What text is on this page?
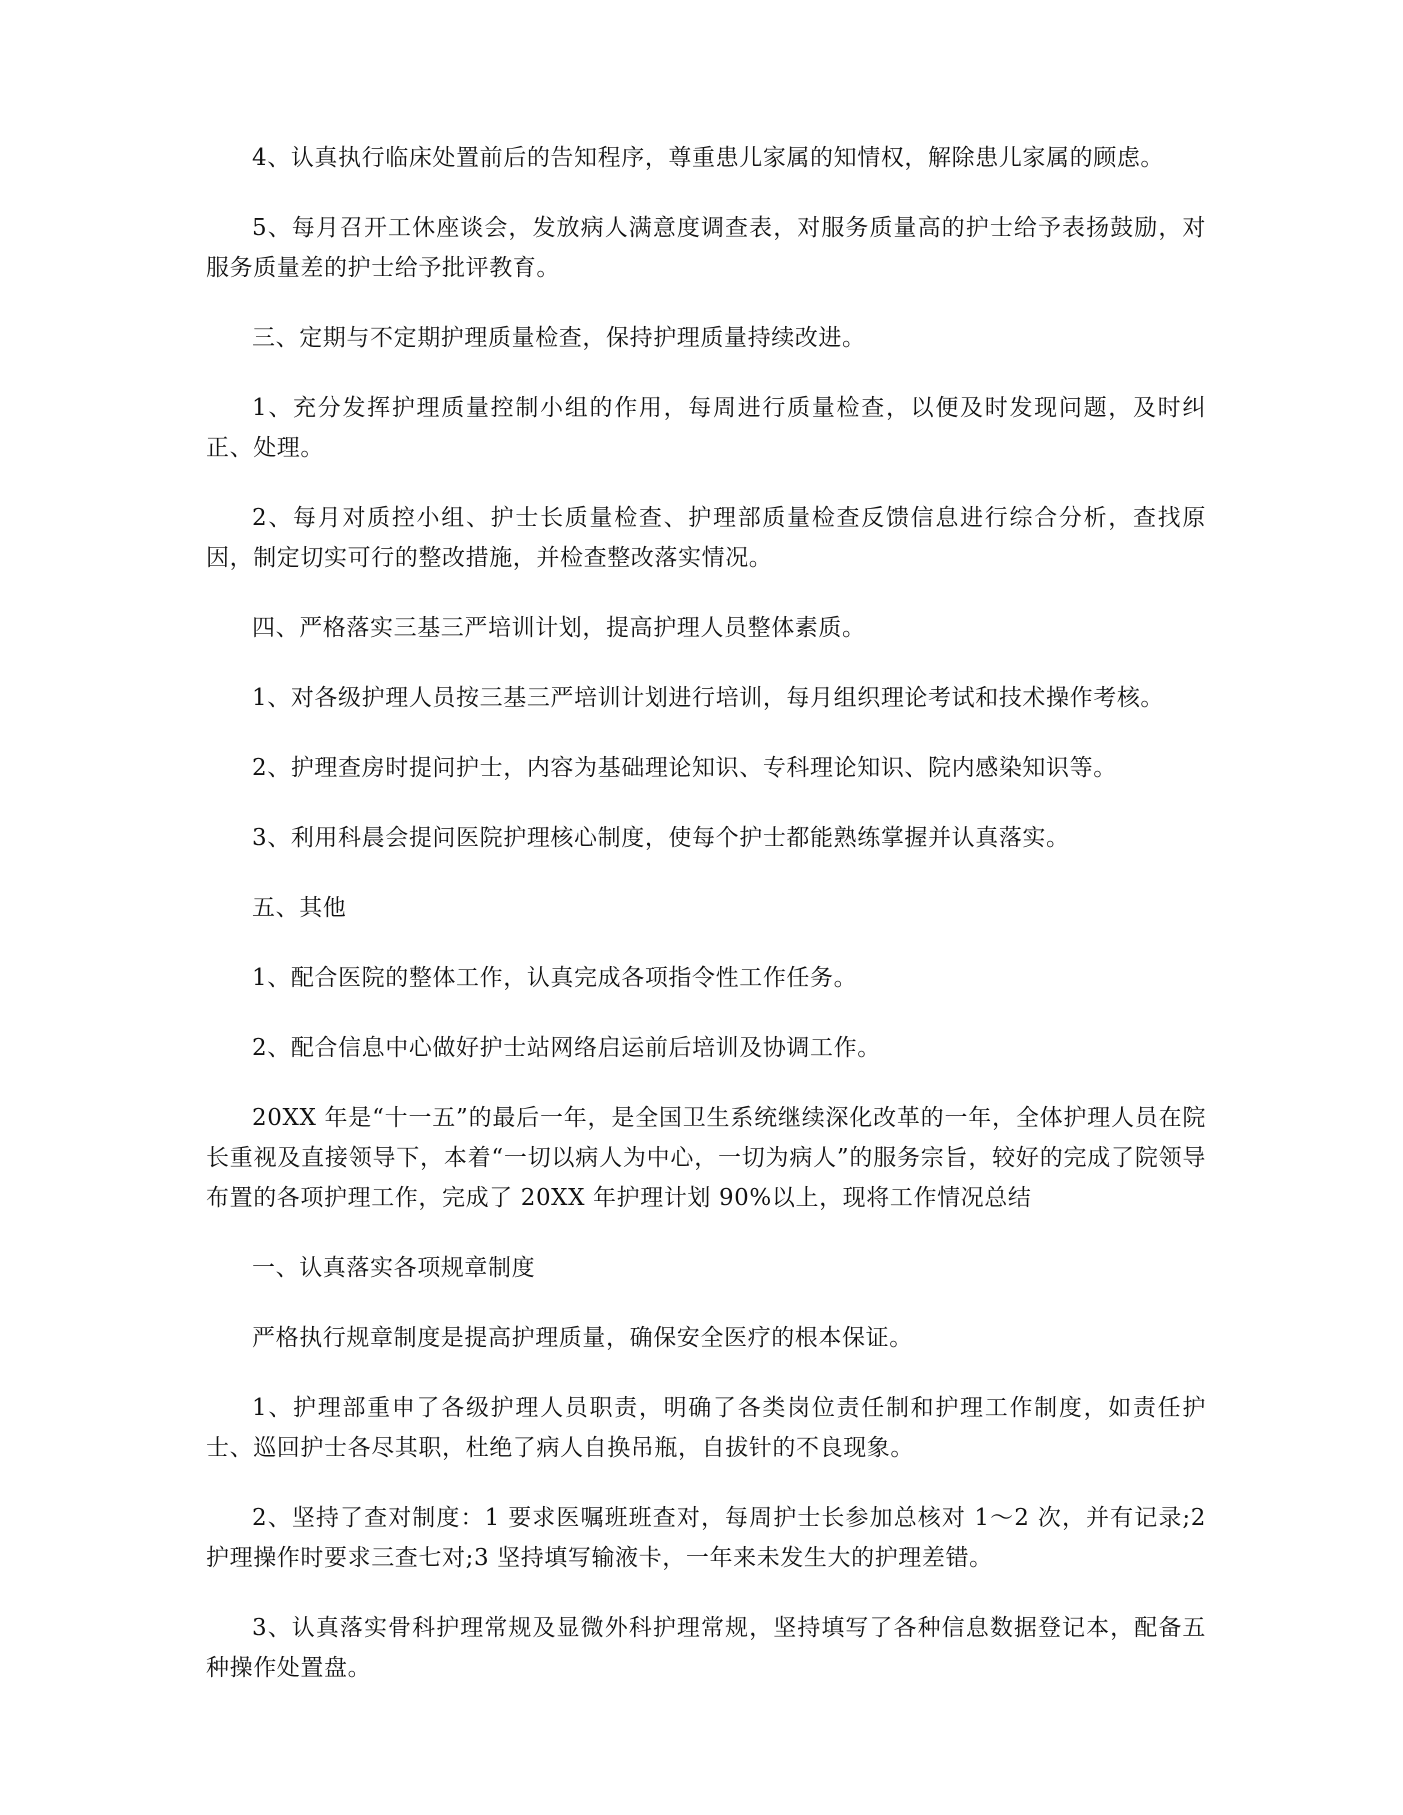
4、认真执行临床处置前后的告知程序，尊重患儿家属的知情权，解除患儿家属的顾虑。

5、每月召开工休座谈会，发放病人满意度调查表，对服务质量高的护士给予表扬鼓励，对服务质量差的护士给予批评教育。

三、定期与不定期护理质量检查，保持护理质量持续改进。

1、充分发挥护理质量控制小组的作用，每周进行质量检查，以便及时发现问题，及时纠正、处理。

2、每月对质控小组、护士长质量检查、护理部质量检查反馈信息进行综合分析，查找原因，制定切实可行的整改措施，并检查整改落实情况。

四、严格落实三基三严培训计划，提高护理人员整体素质。

1、对各级护理人员按三基三严培训计划进行培训，每月组织理论考试和技术操作考核。

2、护理查房时提问护士，内容为基础理论知识、专科理论知识、院内感染知识等。

3、利用科晨会提问医院护理核心制度，使每个护士都能熟练掌握并认真落实。

五、其他

1、配合医院的整体工作，认真完成各项指令性工作任务。

2、配合信息中心做好护士站网络启运前后培训及协调工作。

20XX 年是“十一五”的最后一年，是全国卫生系统继续深化改革的一年，全体护理人员在院长重视及直接领导下，本着“一切以病人为中心，一切为病人”的服务宗旨，较好的完成了院领导布置的各项护理工作，完成了 20XX 年护理计划 90%以上，现将工作情况总结

一、认真落实各项规章制度

严格执行规章制度是提高护理质量，确保安全医疗的根本保证。

1、护理部重申了各级护理人员职责，明确了各类岗位责任制和护理工作制度，如责任护士、巡回护士各尽其职，杜绝了病人自换吊瓶，自拔针的不良现象。

2、坚持了查对制度：1 要求医嘱班班查对，每周护士长参加总核对 1～2 次，并有记录;2 护理操作时要求三查七对;3 坚持填写输液卡，一年来未发生大的护理差错。

3、认真落实骨科护理常规及显微外科护理常规，坚持填写了各种信息数据登记本，配备五种操作处置盘。
